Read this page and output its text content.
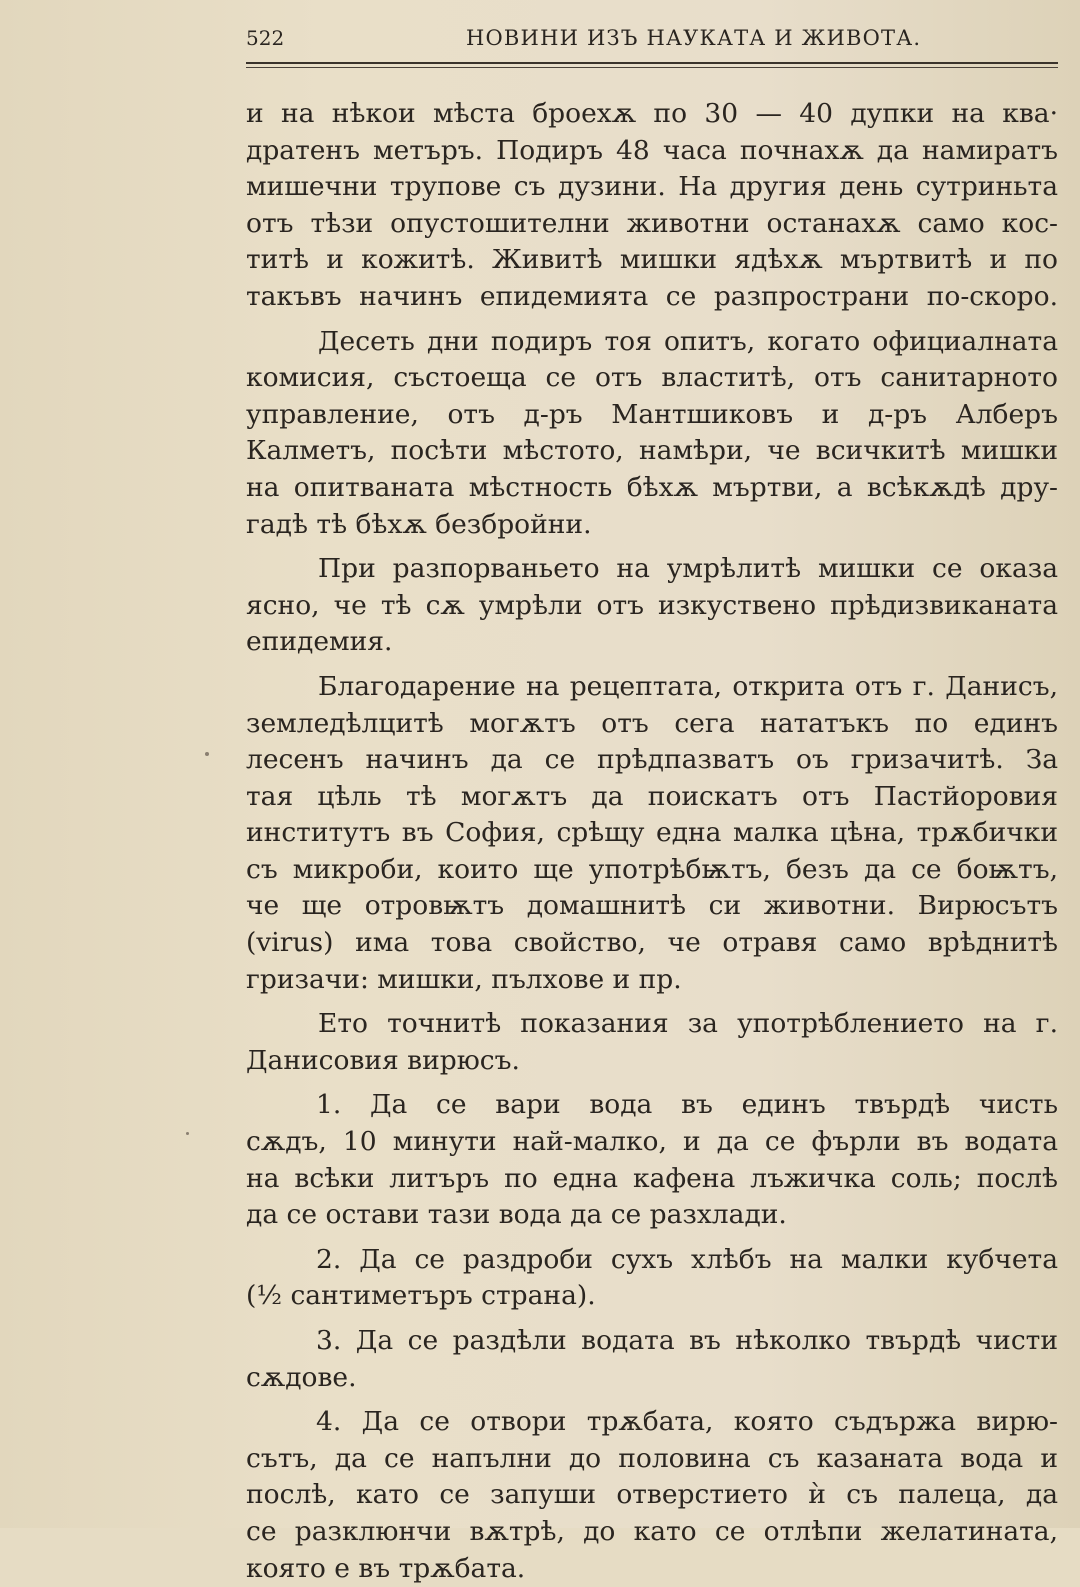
522	НОВИНИ ИЗЪ НАУКАТА И ЖИВОТА.
и на нѣкои мѣста броехѫ по 30 — 40 дупки на ква·
дратенъ метъръ. Подиръ 48 часа почнахѫ да намиратъ
мишечни трупове съ дузини. На другия день сутриньта
отъ тѣзи опустошителни животни останахѫ само кос-
титѣ и кожитѣ. Живитѣ мишки ядѣхѫ мъртвитѣ и по
такъвъ начинъ епидемията се разпространи по-скоро.
Десеть дни подиръ тоя опитъ, когато официалната
комисия, състоеща се отъ властитѣ, отъ санитарното
управление, отъ д-ръ Мантшиковъ и д-ръ Алберъ
Калметъ, посѣти мѣстото, намѣри, че всичкитѣ мишки
на опитваната мѣстность бѣхѫ мъртви, а всѣкѫдѣ дру-
гадѣ тѣ бѣхѫ безбройни.
При разпорваньето на умрѣлитѣ мишки се оказа
ясно, че тѣ сѫ умрѣли отъ изкуствено прѣдизвиканата
епидемия.
Благодарение на рецептата, открита отъ г. Данисъ,
земледѣлцитѣ могѫтъ отъ сега нататъкъ по единъ
лесенъ начинъ да се прѣдпазватъ оъ гризачитѣ. За
тая цѣль тѣ могѫтъ да поискатъ отъ Пастйоровия
институтъ въ София, срѣщу една малка цѣна, трѫбички
съ микроби, които ще употрѣбѭтъ, безъ да се боѭтъ,
че ще отровѭтъ домашнитѣ си животни. Вирюсътъ
(virus) има това свойство, че отравя само врѣднитѣ
гризачи: мишки, пълхове и пр.
Ето точнитѣ показания за употрѣблението на г.
Данисовия вирюсъ.
1. Да се вари вода въ единъ твърдѣ чисть
сѫдъ, 10 минути най-малко, и да се фърли въ водата
на всѣки литъръ по една кафена лъжичка соль; послѣ
да се остави тази вода да се разхлади.
2. Да се раздроби сухъ хлѣбъ на малки кубчета
(½ сантиметъръ страна).
3. Да се раздѣли водата въ нѣколко твърдѣ чисти
сѫдове.
4. Да се отвори трѫбата, която съдържа вирю-
сътъ, да се напълни до половина съ казаната вода и
послѣ, като се запуши отверстието ѝ съ палеца, да
се разклюнчи вѫтрѣ, до като се отлѣпи желатината,
която е въ трѫбата.
